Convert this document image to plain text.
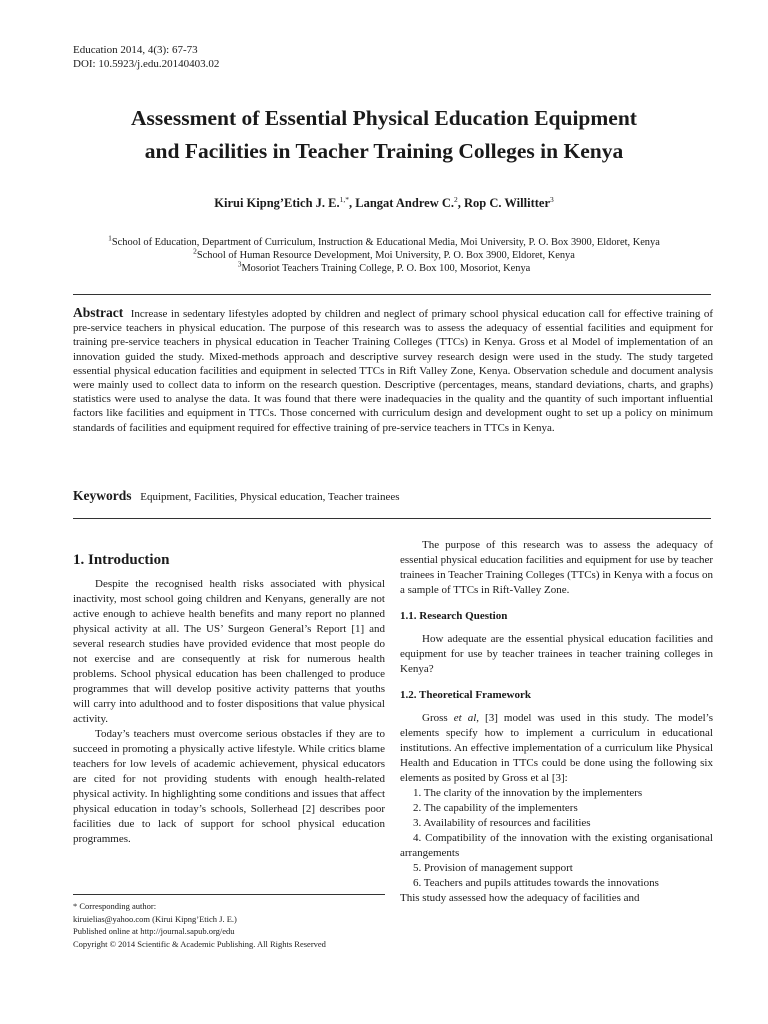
Education 2014, 4(3): 67-73
DOI: 10.5923/j.edu.20140403.02
Assessment of Essential Physical Education Equipment
and Facilities in Teacher Training Colleges in Kenya
Kirui Kipng’Etich J. E.$^{1,*}$, Langat Andrew C.$^2$, Rop C. Willitter$^3$
$^1$School of Education, Department of Curriculum, Instruction & Educational Media, Moi University, P. O. Box 3900, Eldoret, Kenya
$^2$School of Human Resource Development, Moi University, P. O. Box 3900, Eldoret, Kenya
$^3$Mosoriot Teachers Training College, P. O. Box 100, Mosoriot, Kenya
Abstract Increase in sedentary lifestyles adopted by children and neglect of primary school physical education call for effective training of pre-service teachers in physical education. The purpose of this research was to assess the adequacy of essential facilities and equipment for training pre-service teachers in physical education in Teacher Training Colleges (TTCs) in Kenya. Gross et al Model of implementation of an innovation guided the study. Mixed-methods approach and descriptive survey research design were used in the study. The study targeted essential physical education facilities and equipment in selected TTCs in Rift Valley Zone, Kenya. Observation schedule and document analysis were mainly used to collect data to inform on the research question. Descriptive (percentages, means, standard deviations, charts, and graphs) statistics were used to analyse the data. It was found that there were inadequacies in the quality and the quantity of such important influential factors like facilities and equipment in TTCs. Those concerned with curriculum design and development ought to set up a policy on minimum standards of facilities and equipment required for effective training of pre-service teachers in TTCs in Kenya.
Keywords Equipment, Facilities, Physical education, Teacher trainees
1. Introduction

Despite the recognised health risks associated with physical inactivity, most school going children and Kenyans, generally are not active enough to achieve health benefits and many report no planned physical activity at all. The US’ Surgeon General’s Report [1] and several research studies have provided evidence that most people do not exercise and are consequently at risk for numerous health problems. School physical education has been challenged to produce programmes that will develop positive activity patterns that youths will carry into adulthood and to foster dispositions that value physical activity.

Today’s teachers must overcome serious obstacles if they are to succeed in promoting a physically active lifestyle. While critics blame teachers for low levels of academic achievement, physical educators are cited for not providing students with enough health-related physical activity. In highlighting some conditions and issues that affect physical education in today’s schools, Sollerhead [2] describes poor facilities due to lack of support for school physical education programmes.

* Corresponding author:
kiruielias@yahoo.com (Kirui Kipng’Etich J. E.)
Published online at http://journal.sapub.org/edu
Copyright © 2014 Scientific & Academic Publishing. All Rights Reserved

The purpose of this research was to assess the adequacy of essential physical education facilities and equipment for use by teacher trainees in Teacher Training Colleges (TTCs) in Kenya with a focus on a sample of TTCs in Rift-Valley Zone.

1.1. Research Question

How adequate are the essential physical education facilities and equipment for use by teacher trainees in teacher training colleges in Kenya?

1.2. Theoretical Framework

Gross et al, [3] model was used in this study. The model’s elements specify how to implement a curriculum in educational institutions. An effective implementation of a curriculum like Physical Health and Education in TTCs could be done using the following six elements as posited by Gross et al [3]:

1. The clarity of the innovation by the implementers
2. The capability of the implementers
3. Availability of resources and facilities
4. Compatibility of the innovation with the existing organisational arrangements
5. Provision of management support
6. Teachers and pupils attitudes towards the innovations
This study assessed how the adequacy of facilities and
